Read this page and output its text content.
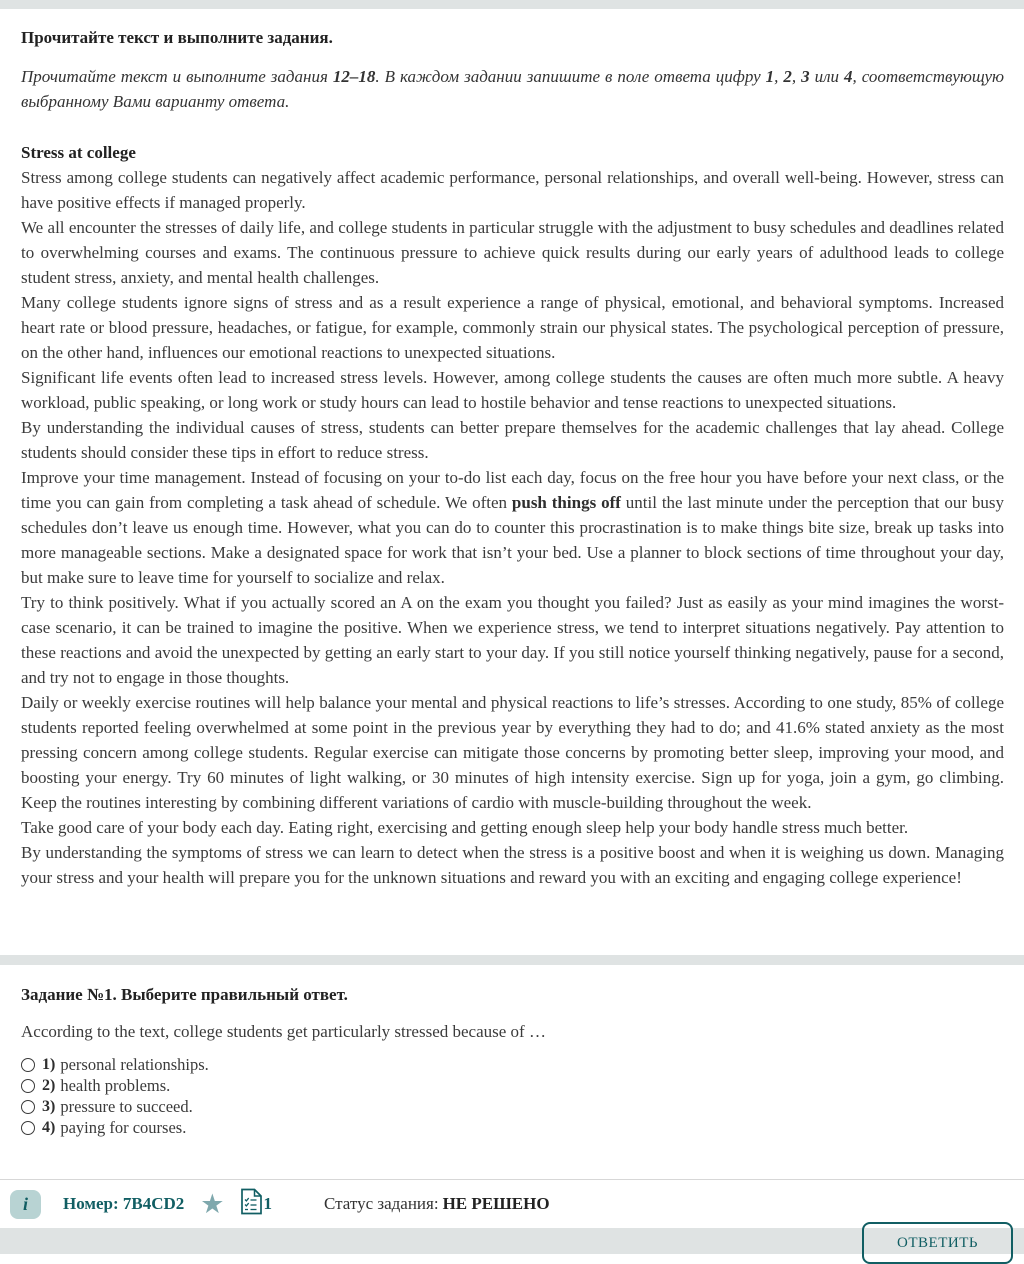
Прочитайте текст и выполните задания.

Прочитайте текст и выполните задания 12–18. В каждом задании запишите в поле ответа цифру 1, 2, 3 или 4, соответствующую выбранному Вами варианту ответа.

Stress at college

Stress among college students can negatively affect academic performance, personal relationships, and overall well-being. However, stress can have positive effects if managed properly.

We all encounter the stresses of daily life, and college students in particular struggle with the adjustment to busy schedules and deadlines related to overwhelming courses and exams. The continuous pressure to achieve quick results during our early years of adulthood leads to college student stress, anxiety, and mental health challenges.

Many college students ignore signs of stress and as a result experience a range of physical, emotional, and behavioral symptoms. Increased heart rate or blood pressure, headaches, or fatigue, for example, commonly strain our physical states. The psychological perception of pressure, on the other hand, influences our emotional reactions to unexpected situations.

Significant life events often lead to increased stress levels. However, among college students the causes are often much more subtle. A heavy workload, public speaking, or long work or study hours can lead to hostile behavior and tense reactions to unexpected situations.

By understanding the individual causes of stress, students can better prepare themselves for the academic challenges that lay ahead. College students should consider these tips in effort to reduce stress.

Improve your time management. Instead of focusing on your to-do list each day, focus on the free hour you have before your next class, or the time you can gain from completing a task ahead of schedule. We often push things off until the last minute under the perception that our busy schedules don’t leave us enough time. However, what you can do to counter this procrastination is to make things bite size, break up tasks into more manageable sections. Make a designated space for work that isn’t your bed. Use a planner to block sections of time throughout your day, but make sure to leave time for yourself to socialize and relax.

Try to think positively. What if you actually scored an A on the exam you thought you failed? Just as easily as your mind imagines the worst-case scenario, it can be trained to imagine the positive. When we experience stress, we tend to interpret situations negatively. Pay attention to these reactions and avoid the unexpected by getting an early start to your day. If you still notice yourself thinking negatively, pause for a second, and try not to engage in those thoughts.

Daily or weekly exercise routines will help balance your mental and physical reactions to life’s stresses. According to one study, 85% of college students reported feeling overwhelmed at some point in the previous year by everything they had to do; and 41.6% stated anxiety as the most pressing concern among college students. Regular exercise can mitigate those concerns by promoting better sleep, improving your mood, and boosting your energy. Try 60 minutes of light walking, or 30 minutes of high intensity exercise. Sign up for yoga, join a gym, go climbing. Keep the routines interesting by combining different variations of cardio with muscle-building throughout the week.

Take good care of your body each day. Eating right, exercising and getting enough sleep help your body handle stress much better.

By understanding the symptoms of stress we can learn to detect when the stress is a positive boost and when it is weighing us down. Managing your stress and your health will prepare you for the unknown situations and reward you with an exciting and engaging college experience!

Задание №1. Выберите правильный ответ.

According to the text, college students get particularly stressed because of …

1) personal relationships.
2) health problems.
3) pressure to succeed.
4) paying for courses.
i	Номер: 7B4CD2 ★ 1	Статус задания: НЕ РЕШЕНО
ОТВЕТИТЬ
